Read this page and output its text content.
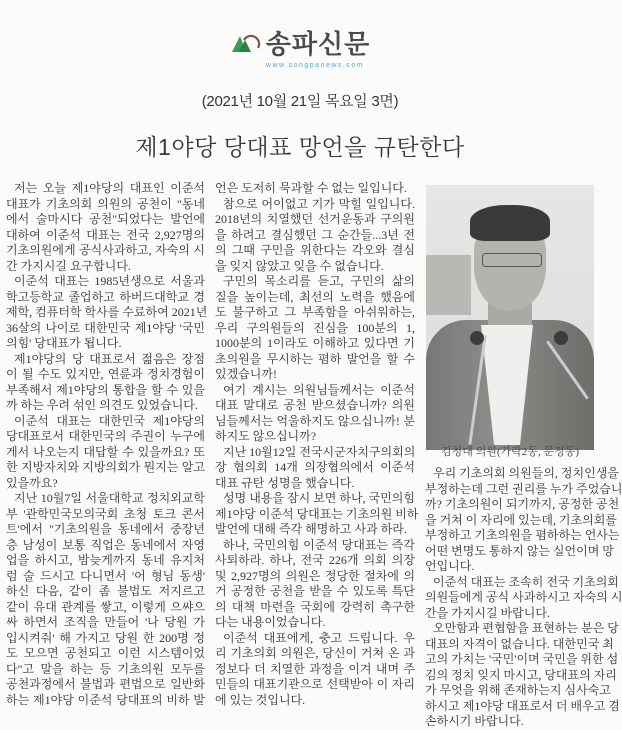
송파신문
www.songpanews.com
(2021년 10월 21일 목요일 3면)
제1야당 당대표 망언을 규탄한다
저는 오늘 제1야당의 대표인 이준석
대표가 기초의회 의원의 공천이 "동네
에서 술마시다 공천"되었다는 발언에
대하여 이준석 대표는 전국 2,927명의
기초의원에게 공식사과하고, 자숙의 시
간 가지시길 요구합니다.
이준석 대표는 1985년생으로 서울과
학고등학교 졸업하고 하버드대학교 경
제학, 컴퓨터학 학사를 수료하여 2021년
36살의 나이로 대한민국 제1야당 '국민
의힘' 당대표가 됩니다.
제1야당의 당 대표로서 젊음은 장점
이 될 수도 있지만, 연륜과 정치경험이
부족해서 제1야당의 통합을 할 수 있을
까 하는 우려 섞인 의견도 있었습니다.
이준석 대표는 대한민국 제1야당의
당대표로서 대한민국의 주권이 누구에
게서 나오는지 대답할 수 있을까요? 또
한 지방자치와 지방의회가 뭔지는 알고
있을까요?
지난 10월7일 서울대학교 정치외교학
부 '관학민국모의국회 초청 토크 콘서
트'에서 "기초의원을 동네에서 중장년
층 남성이 보통 직업은 동네에서 자영
업을 하시고, 밤늦게까지 동네 유지처
럼 술 드시고 다니면서 '어 형님 동생'
하신 다음, 같이 좀 불법도 저지르고
같이 유대 관계를 쌓고, 이렇게 으쌰으
싸 하면서 조직을 만들어 '나 당원 가
입시켜줘' 해 가지고 당원 한 200명 정
도 모으면 공천되고 이런 시스템이었
다"고 말을 하는 등 기초의원 모두를
공천과정에서 불법과 편법으로 일반화
하는 제1야당 이준석 당대표의 비하 발
언은 도저히 묵과할 수 없는 일입니다.
참으로 어이없고 기가 막힐 일입니다.
2018년의 치열했던 선거운동과 구의원
을 하려고 결심했던 그 순간들...3년 전
의 그때 구민을 위한다는 각오와 결심
을 잊지 않았고 잊을 수 없습니다.
구민의 목소리를 듣고, 구민의 삶의
질을 높이는데, 최선의 노력을 했음에
도 불구하고 그 부족함을 아쉬워하는,
우리 구의원들의 진심을 100분의 1,
1000분의 1이라도 이해하고 있다면 기
초의원을 무시하는 폄하 발언을 할 수
있겠습니까!
여기 계시는 의원님들께서는 이준석
대표 말대로 공천 받으셨습니까? 의원
님들께서는 억울하지도 않으십니까! 분
하지도 않으십니까?
지난 10월12일 전국시군자치구의회의
장 협의회 14개 의장협의에서 이준석
대표 규탄 성명을 했습니다.
성명 내용을 잠시 보면 하나, 국민의힘
제1야당 이준석 당대표는 기초의원 비하
발언에 대해 즉각 해명하고 사과 하라.
하나, 국민의힘 이준석 당대표는 즉각
사퇴하라. 하나, 전국 226개 의회 의장
및 2,927명의 의원은 정당한 절차에 의
거 공정한 공천을 받을 수 있도록 특단
의 대책 마련을 국회에 강력히 촉구한
다는 내용이었습니다.
이준석 대표에게, 충고 드립니다. 우
리 기초의회 의원은, 당신이 거쳐 온 과
정보다 더 치열한 과정을 이겨 내며 주
민들의 대표기관으로 선택받아 이 자리
에 있는 것입니다.
김청대 의원(가락2동, 문정동)
우리 기초의회 의원들의, 정치인생을
부정하는데 그런 권리를 누가 주었습니
까? 기초의원이 되기까지, 공정한 공천
을 거쳐 이 자리에 있는데, 기초의회를
부정하고 기초의원을 폄하하는 언사는
어떤 변명도 통하지 않는 실언이며 망
언입니다.
이준석 대표는 조속히 전국 기초의회
의원들에게 공식 사과하시고 자숙의 시
간을 가지시길 바랍니다.
오만함과 편협함을 표현하는 분은 당
대표의 자격이 없습니다. 대한민국 최
고의 가치는 '국민'이며 국민을 위한 섬
김의 정치 잊지 마시고, 당대표의 자리
가 무엇을 위해 존재하는지 심사숙고
하시고 제1야당 대표로서 더 배우고 겸
손하시기 바랍니다.
